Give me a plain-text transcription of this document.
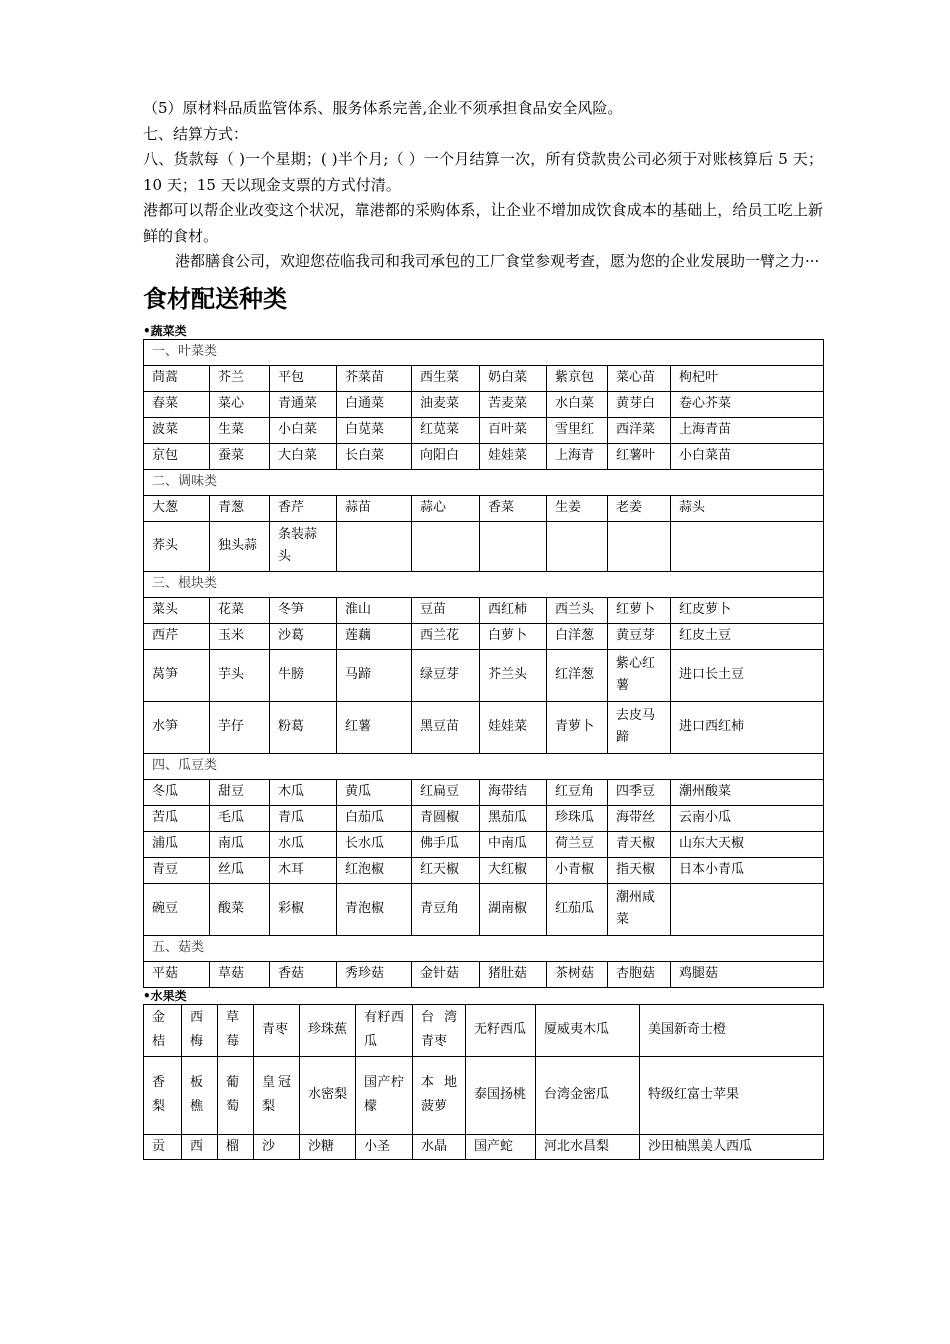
（5）原材料品质监管体系、服务体系完善,企业不须承担食品安全风险。

七、结算方式：

八、货款每（ )一个星期；( )半个月;（ ）一个月结算一次，所有贷款贵公司必须于对账核算后 5 天；10 天；15 天以现金支票的方式付清。

港都可以帮企业改变这个状况，靠港都的采购体系，让企业不增加成饮食成本的基础上，给员工吃上新鲜的食材。

港都膳食公司，欢迎您莅临我司和我司承包的工厂食堂参观考查，愿为您的企业发展助一臂之力···

食材配送种类
•蔬菜类
一、叶菜类								
茼蒿	芥兰	平包	芥菜苗	西生菜	奶白菜	紫京包	菜心苗	枸杞叶
春菜	菜心	青通菜	白通菜	油麦菜	苦麦菜	水白菜	黄芽白	卷心芥菜
波菜	生菜	小白菜	白苋菜	红苋菜	百叶菜	雪里红	西洋菜	上海青苗
京包	蚕菜	大白菜	长白菜	向阳白	娃娃菜	上海青	红薯叶	小白菜苗
二、调味类								
大葱	青葱	香芹	蒜苗	蒜心	香菜	生姜	老姜	蒜头
荞头	独头蒜	条装蒜头						
三、根块类								
菜头	花菜	冬笋	淮山	豆苗	西红柿	西兰头	红萝卜	红皮萝卜
西芹	玉米	沙葛	莲藕	西兰花	白萝卜	白洋葱	黄豆芽	红皮土豆
莴笋	芋头	牛膀	马蹄	绿豆芽	芥兰头	红洋葱	紫心红薯	进口长土豆
水笋	芋仔	粉葛	红薯	黑豆苗	娃娃菜	青萝卜	去皮马蹄	进口西红柿
四、瓜豆类								
冬瓜	甜豆	木瓜	黄瓜	红扁豆	海带结	红豆角	四季豆	潮州酸菜
苦瓜	毛瓜	青瓜	白茄瓜	青圆椒	黑茄瓜	珍珠瓜	海带丝	云南小瓜
浦瓜	南瓜	水瓜	长水瓜	佛手瓜	中南瓜	荷兰豆	青天椒	山东大天椒
青豆	丝瓜	木耳	红泡椒	红天椒	大红椒	小青椒	指天椒	日本小青瓜
碗豆	酸菜	彩椒	青泡椒	青豆角	湖南椒	红茄瓜	潮州咸菜	
五、菇类								
平菇	草菇	香菇	秀珍菇	金针菇	猪肚菇	茶树菇	杏胞菇	鸡腿菇
•水果类
金桔	西梅	草莓	青枣	珍珠蕉	有籽西瓜	台湾青枣	无籽西瓜	厦威夷木瓜	美国新奇士橙
香梨	板樵	葡萄	皇冠梨	水密梨	国产柠檬	本地菠萝	泰国扬桃	台湾金密瓜	特级红富士苹果
贡	西	榴	沙	沙糖	小圣	水晶	国产蛇	河北水昌梨	沙田柚黑美人西瓜
